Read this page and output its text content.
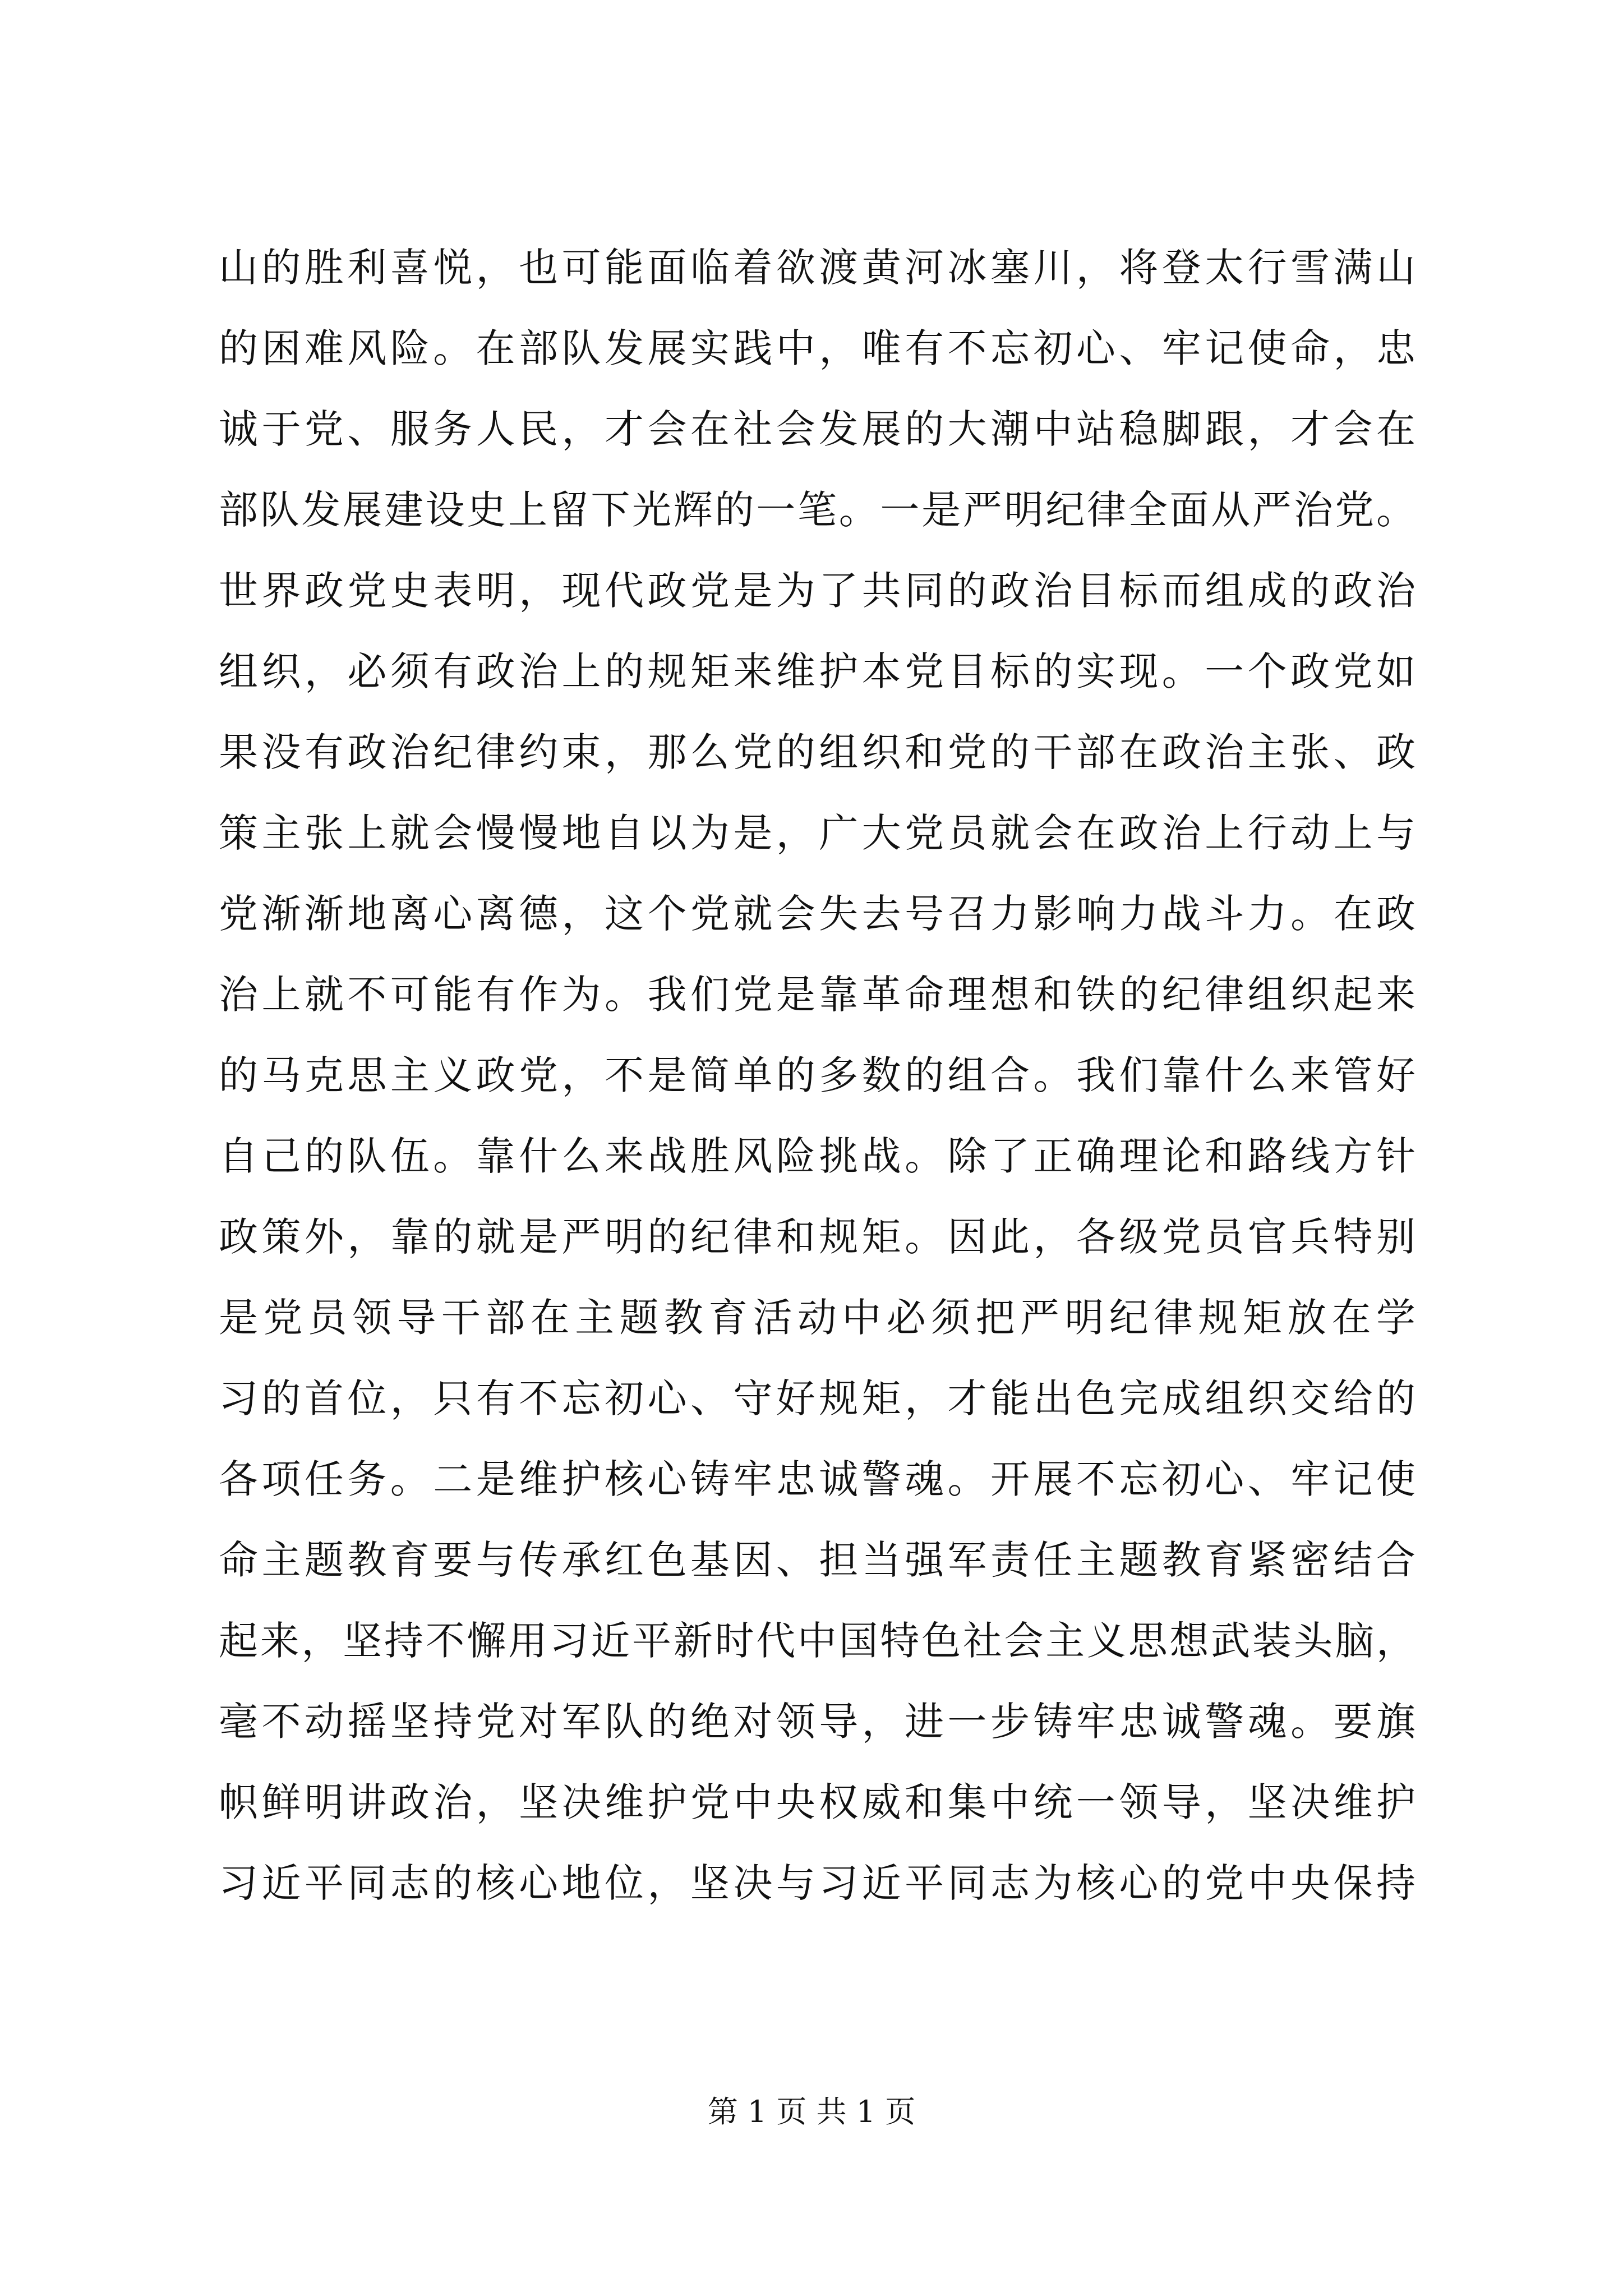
山的胜利喜悦，也可能面临着欲渡黄河冰塞川，将登太行雪满山
的困难风险。在部队发展实践中，唯有不忘初心、牢记使命，忠
诚于党、服务人民，才会在社会发展的大潮中站稳脚跟，才会在
部队发展建设史上留下光辉的一笔。一是严明纪律全面从严治党。
世界政党史表明，现代政党是为了共同的政治目标而组成的政治
组织，必须有政治上的规矩来维护本党目标的实现。一个政党如
果没有政治纪律约束，那么党的组织和党的干部在政治主张、政
策主张上就会慢慢地自以为是，广大党员就会在政治上行动上与
党渐渐地离心离德，这个党就会失去号召力影响力战斗力。在政
治上就不可能有作为。我们党是靠革命理想和铁的纪律组织起来
的马克思主义政党，不是简单的多数的组合。我们靠什么来管好
自己的队伍。靠什么来战胜风险挑战。除了正确理论和路线方针
政策外，靠的就是严明的纪律和规矩。因此，各级党员官兵特别
是党员领导干部在主题教育活动中必须把严明纪律规矩放在学
习的首位，只有不忘初心、守好规矩，才能出色完成组织交给的
各项任务。二是维护核心铸牢忠诚警魂。开展不忘初心、牢记使
命主题教育要与传承红色基因、担当强军责任主题教育紧密结合
起来，坚持不懈用习近平新时代中国特色社会主义思想武装头脑，
毫不动摇坚持党对军队的绝对领导，进一步铸牢忠诚警魂。要旗
帜鲜明讲政治，坚决维护党中央权威和集中统一领导，坚决维护
习近平同志的核心地位，坚决与习近平同志为核心的党中央保持
第 1 页 共 1 页
